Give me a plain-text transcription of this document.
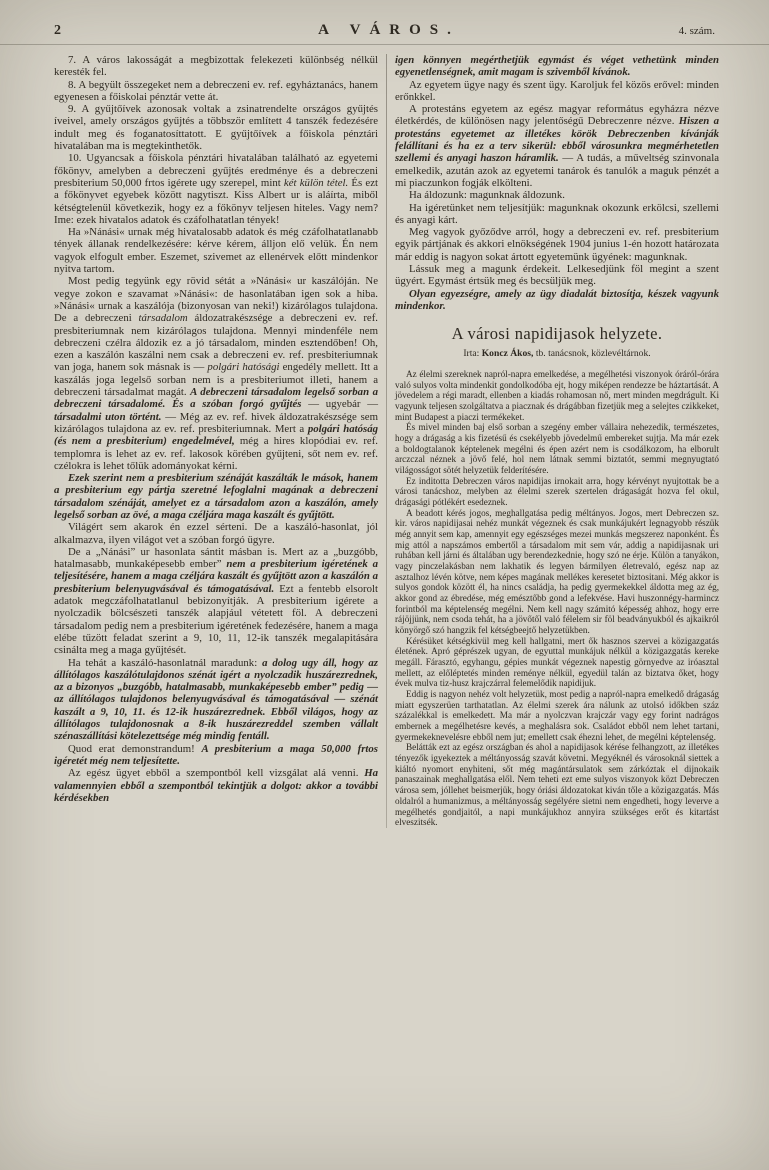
2	A VÁROS.	4. szám.

7. A város lakosságát a megbizottak felekezeti különbség nélkül keresték fel.

8. A begyült összegeket nem a debreczeni ev. ref. egyháztanács, hanem egyenesen a főiskolai pénztár vette át.

9. A gyűjtőívek azonosak voltak a zsinatrendelte országos gyűjtés íveivel, amely országos gyűjtés a többször említett 4 tanszék fedezésére indult meg és foganatosíttatott. E gyűjtőívek a főiskola pénztári hivatalában ma is megtekinthetők.

10. Ugyancsak a főiskola pénztári hivatalában található az egyetemi főkönyv, amelyben a debreczeni gyűjtés eredménye és a debreczeni presbiterium 50,000 frtos igérete ugy szerepel, mint két külön tétel. És ezt a főkönyvet egyebek között nagytiszt. Kiss Albert ur is aláírta, miből kétségtelenül következik, hogy ez a főkönyv teljesen hiteles. Vagy nem? Ime: ezek hivatalos adatok és czáfolhatatlan tények!

Ha »Nánási« urnak még hivatalosabb adatok és még czáfolhatatlanabb tények állanak rendelkezésére: kérve kérem, álljon elő velük. Én nem vagyok elfogult ember. Eszemet, szivemet az ellenérvek előtt mindenkor nyitva tartom.

Most pedig tegyünk egy rövid sétát a »Nánási« ur kaszálóján. Ne vegye zokon e szavamat »Nánási«: de hasonlatában igen sok a hiba. »Nánási« urnak a kaszálója (bizonyosan van neki!) kizárólagos tulajdona. De a debreczeni társadalom áldozatrakészsége a debreczeni ev. ref. presbiteriumnak nem kizárólagos tulajdona. Mennyi mindenféle nem debreczeni czélra áldozik ez a jó társadalom, minden esztendőben! Oh, ezen a kaszálón kaszálni nem csak a debreczeni ev. ref. presbiteriumnak van joga, hanem sok másnak is — polgári hatósági engedély mellett. Itt a kaszálás joga legelső sorban nem is a presbiteriumot illeti, hanem a debreczeni társadalmat magát. A debreczeni társadalom legelső sorban a debreczeni társadalomé. És a szóban forgó gyűjtés — ugyebár — társadalmi uton történt. — Még az ev. ref. hivek áldozatrakészsége sem kizárólagos tulajdona az ev. ref. presbiteriumnak. Mert a polgári hatóság (és nem a presbiterium) engedelmével, még a hires klopódiai ev. ref. templomra is lehet az ev. ref. lakosok körében gyűjteni, sőt nem ev. ref. czélokra is lehet tőlük adományokat kérni.

Ezek szerint nem a presbiterium szénáját kaszálták le mások, hanem a presbiterium egy pártja szeretné lefoglalni magának a debreczeni társadalom szénáját, amelyet ez a társadalom azon a kaszálón, amely legelső sorban az övé, a maga czéljára maga kaszált és gyűjtött.

Világért sem akarok én ezzel sérteni. De a kaszáló-hasonlat, jól alkalmazva, ilyen világot vet a szóban forgó ügyre.

De a „Nánási” ur hasonlata sántit másban is. Mert az a „buzgóbb, hatalmasabb, munkaképesebb ember” nem a presbiterium igéretének a teljesítésére, hanem a maga czéljára kaszált és gyűjtött azon a kaszálón a presbiterium belenyugvásával és támogatásával. Ezt a fentebb elsorolt adatok megczáfolhatatlanul bebizonyítják. A presbiterium igérete a nyolczadik bölcsészeti tanszék alapjául vétetett föl. A debreczeni társadalom pedig nem a presbiterium igéretének fedezésére, hanem a maga elébe tűzött feladat szerint a 9, 10, 11, 12-ik tanszék megalapitására csinálta meg a maga gyűjtését.

Ha tehát a kaszáló-hasonlatnál maradunk: a dolog ugy áll, hogy az állítólagos kaszálótulajdonos szénát igért a nyolczadik huszárezrednek, az a bizonyos „buzgóbb, hatalmasabb, munkaképesebb ember” pedig — az állítólagos tulajdonos belenyugvásával és támogatásával — szénát kaszált a 9, 10, 11. és 12-ik huszárezrednek. Ebből világos, hogy az állítólagos tulajdonosnak a 8-ik huszárezreddel szemben vállalt szénaszállítási kötelezettsége még mindig fentáll.

Quod erat demonstrandum! A presbiterium a maga 50,000 frtos igéretét még nem teljesítette.

Az egész ügyet ebből a szempontból kell vizsgálat alá venni. Ha valamennyien ebből a szempontból tekintjük a dolgot: akkor a további kérdésekben

igen könnyen megérthetjük egymást és véget vethetünk minden egyenetlenségnek, amit magam is szivemből kívánok.

Az egyetem ügye nagy és szent ügy. Karoljuk fel közös erővel: minden erőnkkel.

A protestáns egyetem az egész magyar református egyházra nézve életkérdés, de különösen nagy jelentőségű Debreczenre nézve. Hiszen a protestáns egyetemet az illetékes körök Debreczenben kívánják felállítani és ha ez a terv sikerül: ebből városunkra megmérhetetlen szellemi és anyagi haszon háramlik. — A tudás, a műveltség szinvonala emelkedik, azután azok az egyetemi tanárok és tanulók a maguk pénzét a mi piaczunkon fogják elkölteni.

Ha áldozunk: magunknak áldozunk.

Ha igéretünket nem teljesítjük: magunknak okozunk erkölcsi, szellemi és anyagi kárt.

Meg vagyok győződve arról, hogy a debreczeni ev. ref. presbiterium egyik pártjának és akkori elnökségének 1904 junius 1-én hozott határozata már eddig is nagyon sokat ártott egyetemünk ügyének: magunknak.

Lássuk meg a magunk érdekeit. Lelkesedjünk föl megint a szent ügyért. Egymást értsük meg és becsüljük meg.

Olyan egyezségre, amely az ügy diadalát biztosítja, készek vagyunk mindenkor.

A városi napidijasok helyzete.

Irta: Koncz Ákos, tb. tanácsnok, közlevéltárnok.

Az élelmi szereknek napról-napra emelkedése, a megélhetési viszonyok óráról-órára való sulyos volta mindenkit gondolkodóba ejt, hogy miképen rendezze be háztartását. A jövedelem a régi maradt, ellenben a kiadás rohamosan nő, mert minden megdrágult. Ki vagyunk teljesen szolgáltatva a piacznak és drágábban fizetjük meg a selejtes czikkeket, mint Budapest a piaczi termékeket.

És mivel minden baj első sorban a szegény ember vállaira nehezedik, természetes, hogy a drágaság a kis fizetésű és csekélyebb jövedelmű embereket sujtja. Ma már ezek a boldogtalanok képtelenek megélni és épen azért nem is csodálkozom, ha elborult arczczal néznek a jövő felé, hol nem látnak semmi biztatót, semmi megnyugtató világosságot sötét helyzetük felderítésére.

Ez inditotta Debreczen város napidijas irnokait arra, hogy kérvényt nyujtottak be a városi tanácshoz, melyben az élelmi szerek szertelen drágaságát hozva fel okul, drágasági pótlékért esedeznek.

A beadott kérés jogos, meghallgatása pedig méltányos. Jogos, mert Debreczen sz. kir. város napidijasai nehéz munkát végeznek és csak munkájukért legnagyobb részük még annyit sem kap, amennyit egy egészséges mezei munkás megszerez naponként. És mig attól a napszámos embertől a társadalom mit sem vár, addig a napidijasnak uri ruhában kell járni és általában ugy berendezkednie, hogy szó ne érje. Külön a tanyákon, vagy pinczelakásban nem lakhatik és legyen bármilyen életrevaló, egész nap az asztalhoz lévén kötve, nem képes magának mellékes keresetet biztositani. Még akkor is sulyos gondok között él, ha nincs családja, ha pedig gyermekekkel áldotta meg az ég, akkor gond az ébredése, még emésztőbb gond a lefekvése. Havi huszonnégy-harmincz forintból ma képtelenség megélni. Nem kell nagy számitó képesség ahhoz, hogy erre rájöjjünk, nem csoda tehát, ha a jövőtől való félelem sir föl beadványukból és ajkaikról könyörgő szó hangzik fel kétségbeejtő helyzetükben.

Kérésüket kétségkivül meg kell hallgatni, mert ők hasznos szervei a közigazgatás életének. Apró géprészek ugyan, de egyuttal munkájuk nélkül a közigazgatás kereke megáll. Fárasztó, egyhangu, gépies munkát végeznek napestig görnyedve az iróasztal mellett, az előléptetés minden reménye nélkül, egyedül talán az biztatva őket, hogy évek mulva tiz-husz krajczárral felemelődik napidijuk.

Eddig is nagyon nehéz volt helyzetük, most pedig a napról-napra emelkedő drágaság miatt egyszerüen tarthatatlan. Az élelmi szerek ára nálunk az utolsó időkben száz százalékkal is emelkedett. Ma már a nyolczvan krajczár vagy egy forint nadrágos embernek a megélhetésre kevés, a meghalásra sok. Családot ebből nem lehet tartani, gyermekeknevelésre ebből nem jut; emellett csak éhezni lehet, de megélni képtelenség.

Belátták ezt az egész országban és ahol a napidijasok kérése felhangzott, az illetékes tényezők igyekeztek a méltányosság szavát követni. Megyéknél és városoknál siettek a kiáltó nyomort enyhiteni, sőt még magántársulatok sem zárkóztak el dijnokaik panaszainak meghallgatása elől. Nem teheti ezt eme sulyos viszonyok közt Debreczen városa sem, jóllehet beismerjük, hogy óriási áldozatokat kiván tőle a közigazgatás. Más oldalról a humanizmus, a méltányosság segélyére sietni nem engedheti, hogy leverve a megélhetés gondjaitól, a napi munkájukhoz annyira szükséges erőt és kitartást elveszitsék.
